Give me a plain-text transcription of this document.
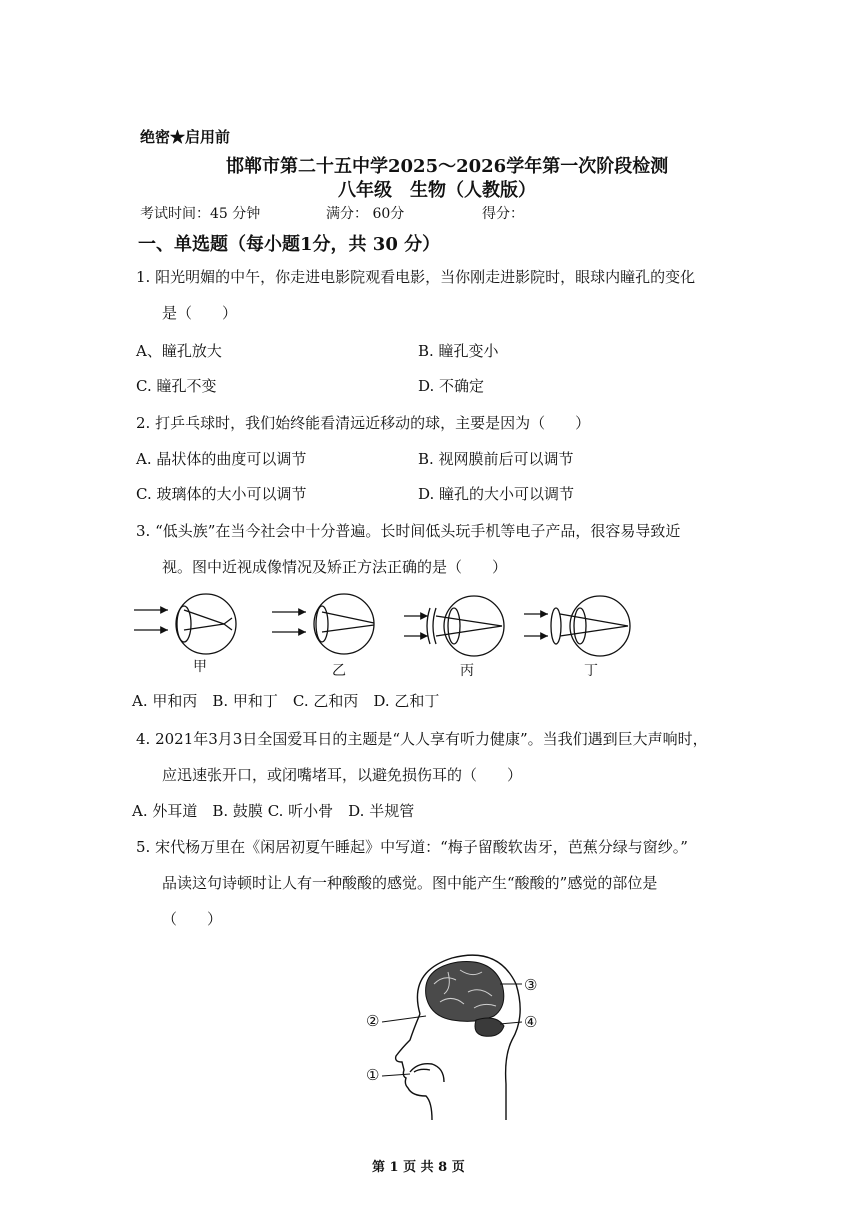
绝密★启用前
邯郸市第二十五中学2025～2026学年第一次阶段检测
八年级　生物（人教版）
考试时间：45 分钟	满分： 60分	得分：
一、单选题（每小题1分，共 30 分）
1. 阳光明媚的中午，你走进电影院观看电影，当你刚走进影院时，眼球内瞳孔的变化
是（　　）
A、瞳孔放大	B. 瞳孔变小
C. 瞳孔不变	D. 不确定
2. 打乒乓球时，我们始终能看清远近移动的球，主要是因为（　　）
A. 晶状体的曲度可以调节	B. 视网膜前后可以调节
C. 玻璃体的大小可以调节	D. 瞳孔的大小可以调节
3. “低头族”在当今社会中十分普遍。长时间低头玩手机等电子产品，很容易导致近
视。图中近视成像情况及矫正方法正确的是（　　）
甲	乙	丙	丁
A. 甲和丙　B. 甲和丁　C. 乙和丙　D. 乙和丁
4. 2021年3月3日全国爱耳日的主题是“人人享有听力健康”。当我们遇到巨大声响时，
应迅速张开口，或闭嘴堵耳，以避免损伤耳的（　　）
A. 外耳道　B. 鼓膜 C. 听小骨　D. 半规管
5. 宋代杨万里在《闲居初夏午睡起》中写道：“梅子留酸软齿牙，芭蕉分绿与窗纱。”
品读这句诗顿时让人有一种酸酸的感觉。图中能产生“酸酸的”感觉的部位是
（　　）
②
③
④
①
第 1 页 共 8 页
